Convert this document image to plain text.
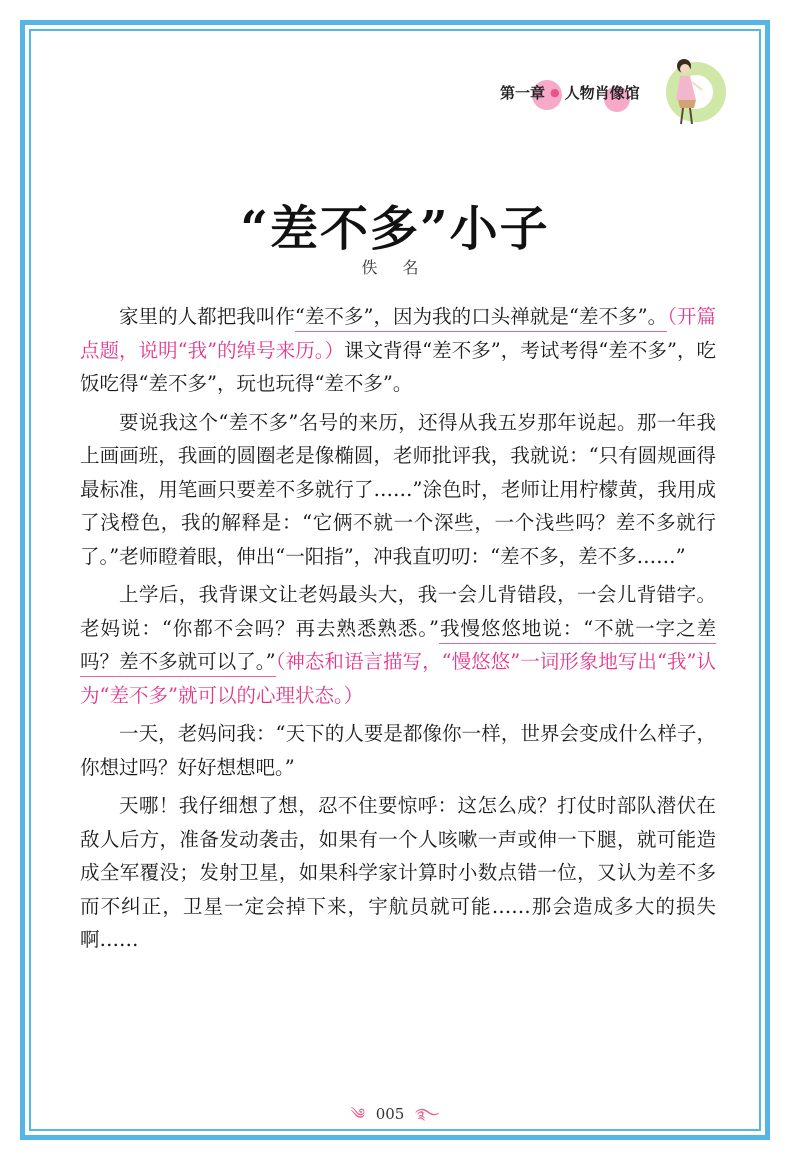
第一章 ● 人物肖像馆
“差不多”小子
佚 名

家里的人都把我叫作“差不多”，因为我的口头禅就是“差不多”。（开篇点题，说明“我”的绰号来历。）课文背得“差不多”，考试考得“差不多”，吃饭吃得“差不多”，玩也玩得“差不多”。

要说我这个“差不多”名号的来历，还得从我五岁那年说起。那一年我上画画班，我画的圆圈老是像椭圆，老师批评我，我就说：“只有圆规画得最标准，用笔画只要差不多就行了……”涂色时，老师让用柠檬黄，我用成了浅橙色，我的解释是：“它俩不就一个深些，一个浅些吗？差不多就行了。”老师瞪着眼，伸出“一阳指”，冲我直叨叨：“差不多，差不多……”

上学后，我背课文让老妈最头大，我一会儿背错段，一会儿背错字。老妈说：“你都不会吗？再去熟悉熟悉。”我慢悠悠地说：“不就一字之差吗？差不多就可以了。”（神态和语言描写，“慢悠悠”一词形象地写出“我”认为“差不多”就可以的心理状态。）

一天，老妈问我：“天下的人要是都像你一样，世界会变成什么样子，你想过吗？好好想想吧。”

天哪！我仔细想了想，忍不住要惊呼：这怎么成？打仗时部队潜伏在敌人后方，准备发动袭击，如果有一个人咳嗽一声或伸一下腿，就可能造成全军覆没；发射卫星，如果科学家计算时小数点错一位，又认为差不多而不纠正，卫星一定会掉下来，宇航员就可能……那会造成多大的损失啊……

༄ 005 ࿐
